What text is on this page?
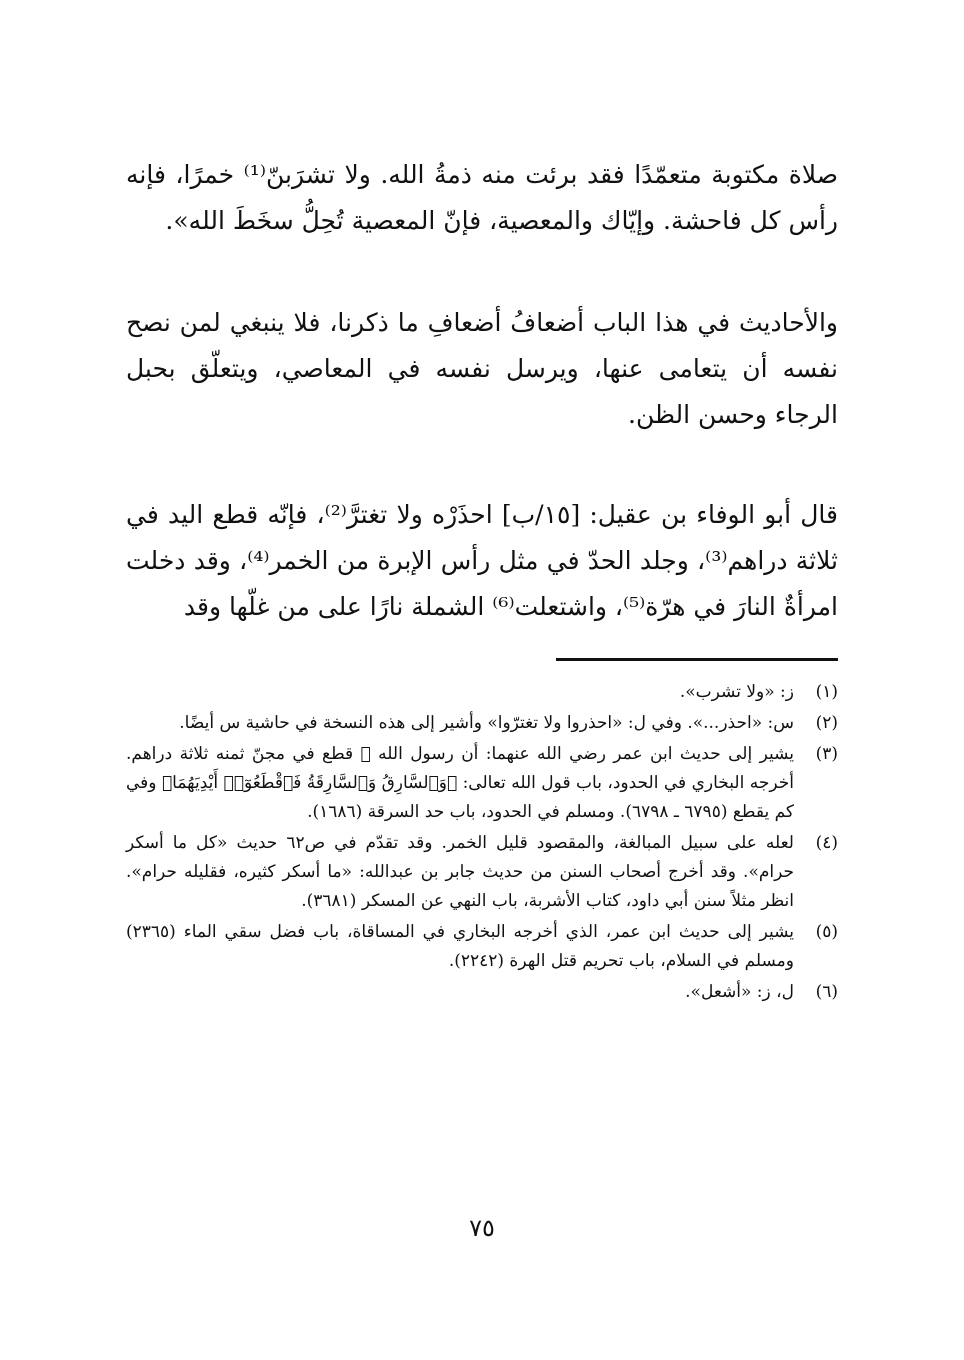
صلاة مكتوبة متعمّدًا فقد برئت منه ذمةُ الله. ولا تشرَبنّ⁽¹⁾ خمرًا، فإنه رأس كل فاحشة. وإيّاك والمعصية، فإنّ المعصية تُحِلُّ سخَطَ الله».

والأحاديث في هذا الباب أضعافُ أضعافِ ما ذكرنا، فلا ينبغي لمن نصح نفسه أن يتعامى عنها، ويرسل نفسه في المعاصي، ويتعلّق بحبل الرجاء وحسن الظن.

قال أبو الوفاء بن عقيل: [١٥/ب] احذَرْه ولا تغترَّ⁽²⁾، فإنّه قطع اليد في ثلاثة دراهم⁽³⁾، وجلد الحدّ في مثل رأس الإبرة من الخمر⁽⁴⁾، وقد دخلت امرأةٌ النارَ في هرّة⁽⁵⁾، واشتعلت⁽⁶⁾ الشملة نارًا على من غلّها وقد

(١)
ز: «ولا تشرب».
(٢)
س: «احذر...». وفي ل: «احذروا ولا تغترّوا» وأشير إلى هذه النسخة في حاشية س أيضًا.
(٣)
يشير إلى حديث ابن عمر رضي الله عنهما: أن رسول الله ﷺ قطع في مجنّ ثمنه ثلاثة دراهم. أخرجه البخاري في الحدود، باب قول الله تعالى: ﴿وَٱلسَّارِقُ وَٱلسَّارِقَةُ فَٱقْطَعُوٓا۟ أَيْدِيَهُمَا﴾ وفي كم يقطع (٦٧٩٥ ـ ٦٧٩٨). ومسلم في الحدود، باب حد السرقة (١٦٨٦).
(٤)
لعله على سبيل المبالغة، والمقصود قليل الخمر. وقد تقدّم في ص٦٢ حديث «كل ما أسكر حرام». وقد أخرج أصحاب السنن من حديث جابر بن عبدالله: «ما أسكر كثيره، فقليله حرام». انظر مثلاً سنن أبي داود، كتاب الأشربة، باب النهي عن المسكر (٣٦٨١).
(٥)
يشير إلى حديث ابن عمر، الذي أخرجه البخاري في المساقاة، باب فضل سقي الماء (٢٣٦٥) ومسلم في السلام، باب تحريم قتل الهرة (٢٢٤٢).
(٦)
ل، ز: «أشعل».
٧٥
